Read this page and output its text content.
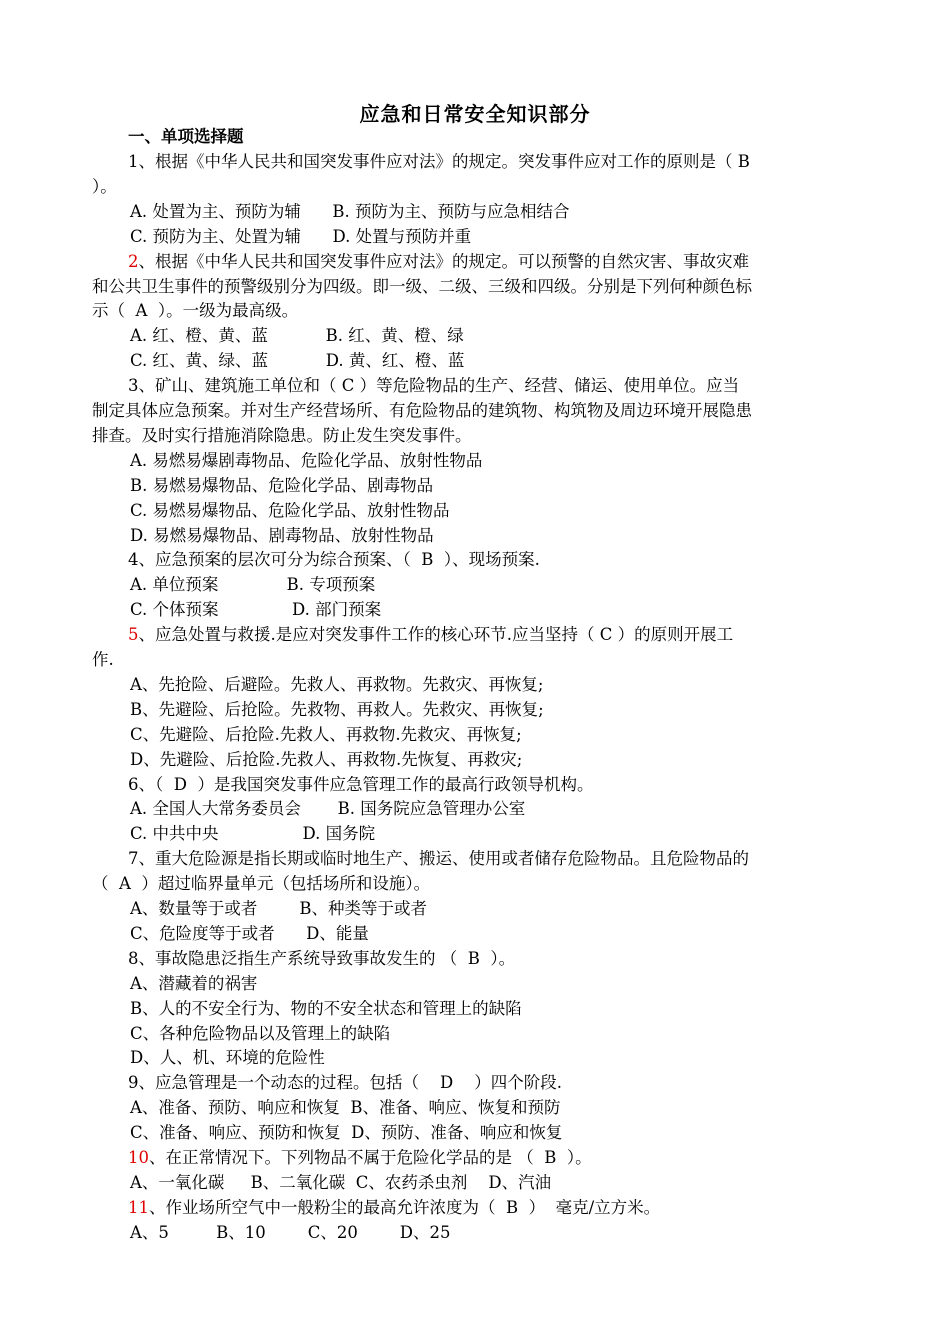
应急和日常安全知识部分
一、单项选择题
1、根据《中华人民共和国突发事件应对法》的规定。突发事件应对工作的原则是（ B
）。
A. 处置为主、预防为辅      B. 预防为主、预防与应急相结合
C. 预防为主、处置为辅      D. 处置与预防并重
2、根据《中华人民共和国突发事件应对法》的规定。可以预警的自然灾害、事故灾难
和公共卫生事件的预警级别分为四级。即一级、二级、三级和四级。分别是下列何种颜色标
示（  A  ）。一级为最高级。
A. 红、橙、黄、蓝           B. 红、黄、橙、绿
C. 红、黄、绿、蓝           D. 黄、红、橙、蓝
3、矿山、建筑施工单位和（ C ）等危险物品的生产、经营、储运、使用单位。应当
制定具体应急预案。并对生产经营场所、有危险物品的建筑物、构筑物及周边环境开展隐患
排查。及时实行措施消除隐患。防止发生突发事件。
A. 易燃易爆剧毒物品、危险化学品、放射性物品
B. 易燃易爆物品、危险化学品、剧毒物品
C. 易燃易爆物品、危险化学品、放射性物品
D. 易燃易爆物品、剧毒物品、放射性物品
4、应急预案的层次可分为综合预案、（  B  ）、现场预案.
A. 单位预案             B. 专项预案
C. 个体预案              D. 部门预案
5、应急处置与救援.是应对突发事件工作的核心环节.应当坚持（ C ）的原则开展工
作.
A、先抢险、后避险。先救人、再救物。先救灾、再恢复;
B、先避险、后抢险。先救物、再救人。先救灾、再恢复;
C、先避险、后抢险.先救人、再救物.先救灾、再恢复;
D、先避险、后抢险.先救人、再救物.先恢复、再救灾;
6、（  D  ）是我国突发事件应急管理工作的最高行政领导机构。
A. 全国人大常务委员会       B. 国务院应急管理办公室
C. 中共中央                D. 国务院
7、重大危险源是指长期或临时地生产、搬运、使用或者储存危险物品。且危险物品的
（  A  ）超过临界量单元（包括场所和设施）。
A、数量等于或者        B、种类等于或者
C、危险度等于或者      D、能量
8、事故隐患泛指生产系统导致事故发生的 （  B  ）。
A、潜藏着的祸害
B、人的不安全行为、物的不安全状态和管理上的缺陷
C、各种危险物品以及管理上的缺陷
D、人、机、环境的危险性
9、应急管理是一个动态的过程。包括（    D    ）四个阶段.
A、准备、预防、响应和恢复  B、准备、响应、恢复和预防
C、准备、响应、预防和恢复  D、预防、准备、响应和恢复
10、在正常情况下。下列物品不属于危险化学品的是 （  B  ）。
A、一氧化碳     B、二氧化碳  C、农药杀虫剂    D、汽油
11、作业场所空气中一般粉尘的最高允许浓度为（  B  ）  毫克/立方米。
A、5         B、10        C、20        D、25
